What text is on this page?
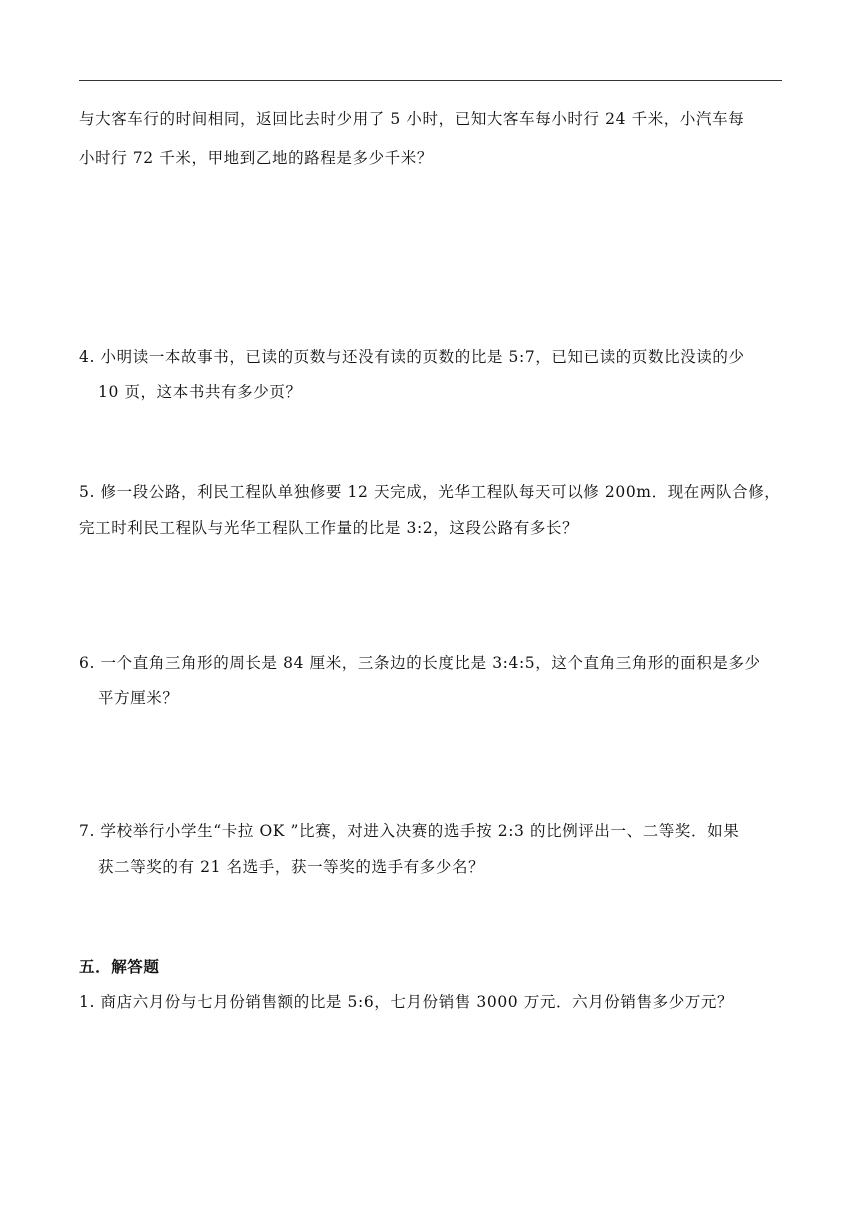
与大客车行的时间相同，返回比去时少用了 5 小时，已知大客车每小时行 24 千米，小汽车每
小时行 72 千米，甲地到乙地的路程是多少千米？
4. 小明读一本故事书，已读的页数与还没有读的页数的比是 5:7，已知已读的页数比没读的少
10 页，这本书共有多少页？
5. 修一段公路，利民工程队单独修要 12 天完成，光华工程队每天可以修 200m．现在两队合修，
完工时利民工程队与光华工程队工作量的比是 3:2，这段公路有多长？
6. 一个直角三角形的周长是 84 厘米，三条边的长度比是 3:4:5，这个直角三角形的面积是多少
平方厘米？
7. 学校举行小学生“卡拉 OK ”比赛，对进入决赛的选手按 2:3 的比例评出一、二等奖．如果
获二等奖的有 21 名选手，获一等奖的选手有多少名？
五．解答题
1. 商店六月份与七月份销售额的比是 5:6，七月份销售 3000 万元．六月份销售多少万元？
